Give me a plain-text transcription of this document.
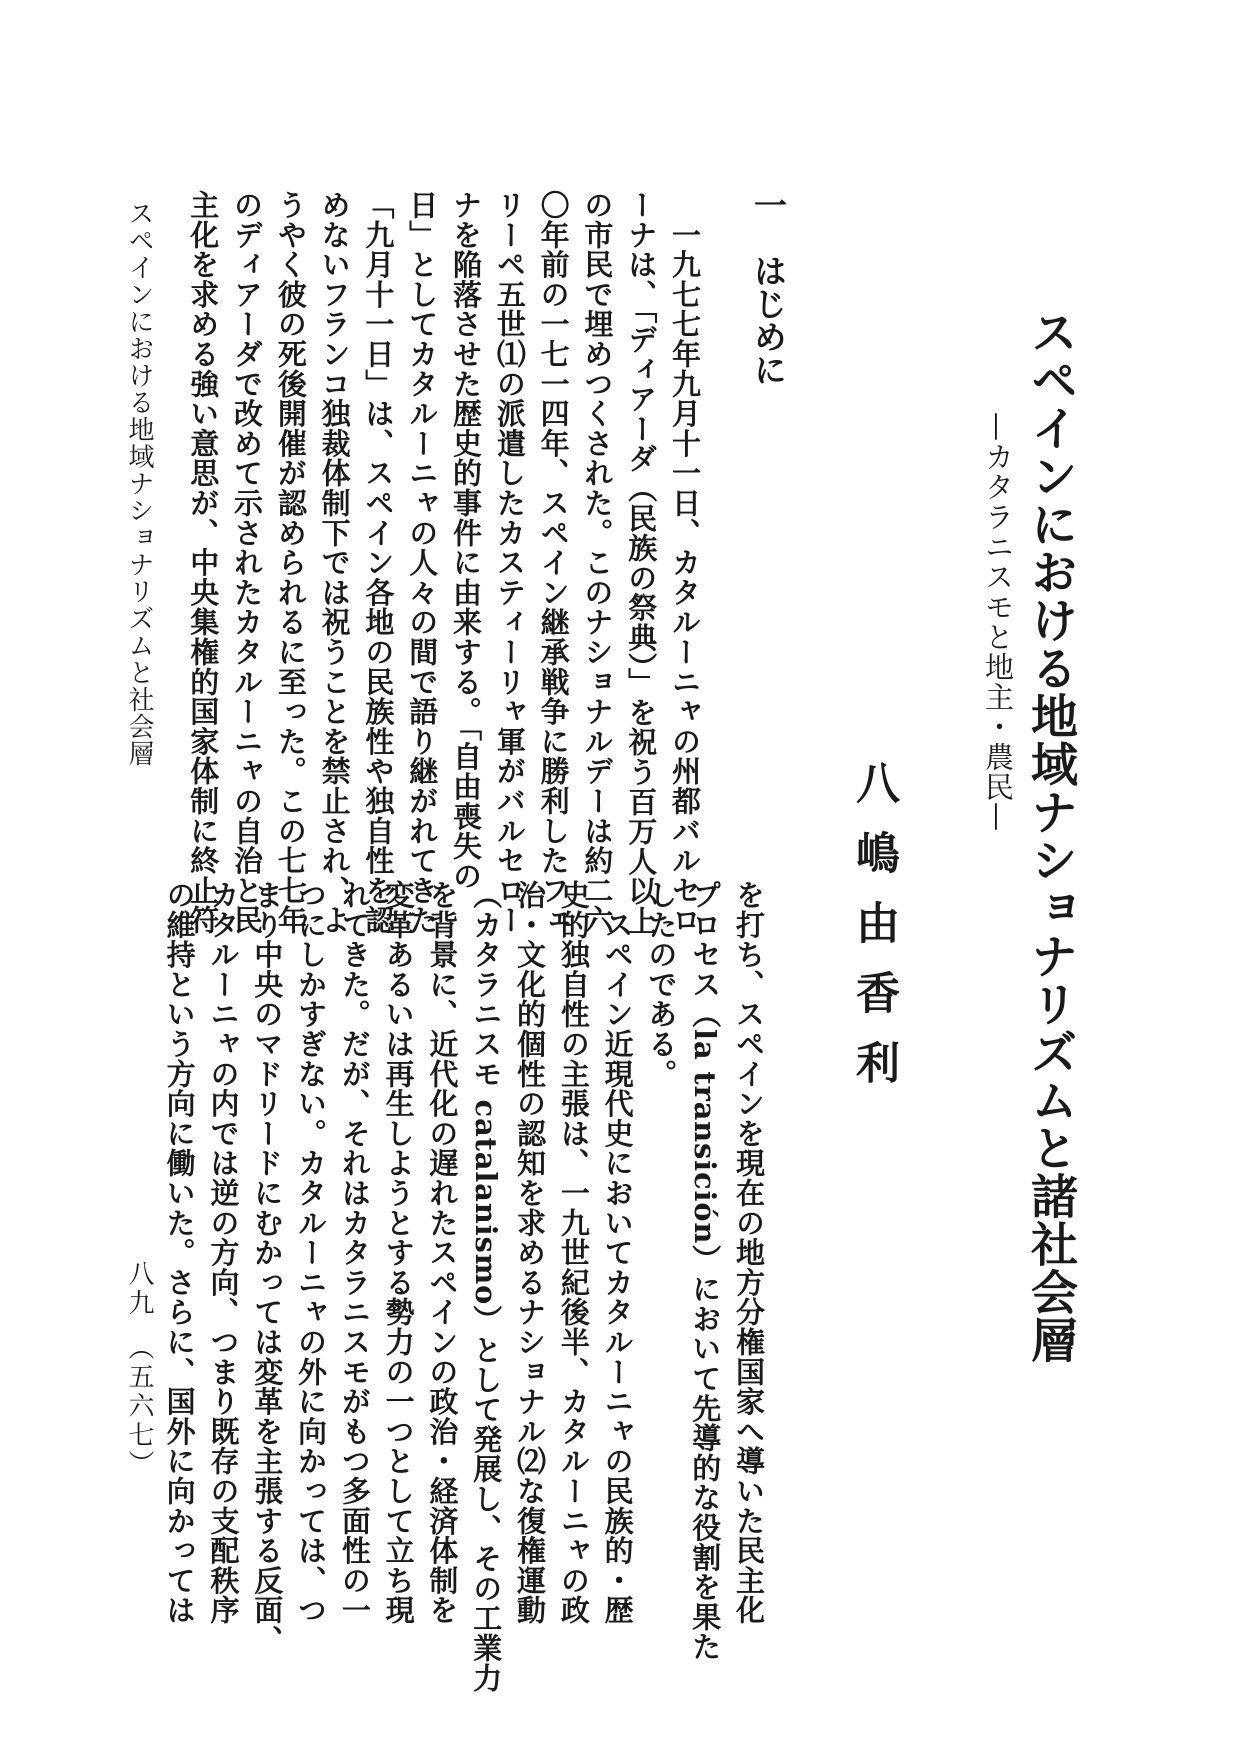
スペインにおける地域ナショナリズムと諸社会層
—カタラニスモと地主・農民—
八嶋由香利
一　はじめに
　一九七七年九月十一日、カタルーニャの州都バルセロ
ーナは、「ディアーダ（民族の祭典）」を祝う百万人以上
の市民で埋めつくされた。このナショナルデーは約二六
〇年前の一七一四年、スペイン継承戦争に勝利したフェ
リーペ五世⑴の派遣したカスティーリャ軍がバルセロー
ナを陥落させた歴史的事件に由来する。「自由喪失の
日」としてカタルーニャの人々の間で語り継がれてきた
「九月十一日」は、スペイン各地の民族性や独自性を認
めないフランコ独裁体制下では祝うことを禁止され、よ
うやく彼の死後開催が認められるに至った。この七七年
のディアーダで改めて示されたカタルーニャの自治と民
主化を求める強い意思が、中央集権的国家体制に終止符
を打ち、スペインを現在の地方分権国家へ導いた民主化
プロセス（la transición）において先導的な役割を果た
したのである。
　スペイン近現代史においてカタルーニャの民族的・歴
史的独自性の主張は、一九世紀後半、カタルーニャの政
治・文化的個性の認知を求めるナショナル⑵な復権運動
（カタラニスモ catalanismo）として発展し、その工業力
を背景に、近代化の遅れたスペインの政治・経済体制を
変革あるいは再生しようとする勢力の一つとして立ち現
れてきた。だが、それはカタラニスモがもつ多面性の一
つにしかすぎない。カタルーニャの外に向かっては、つ
まり中央のマドリードにむかっては変革を主張する反面、
カタルーニャの内では逆の方向、つまり既存の支配秩序
の維持という方向に働いた。さらに、国外に向かっては
スペインにおける地域ナショナリズムと社会層
八九　（五六七）
